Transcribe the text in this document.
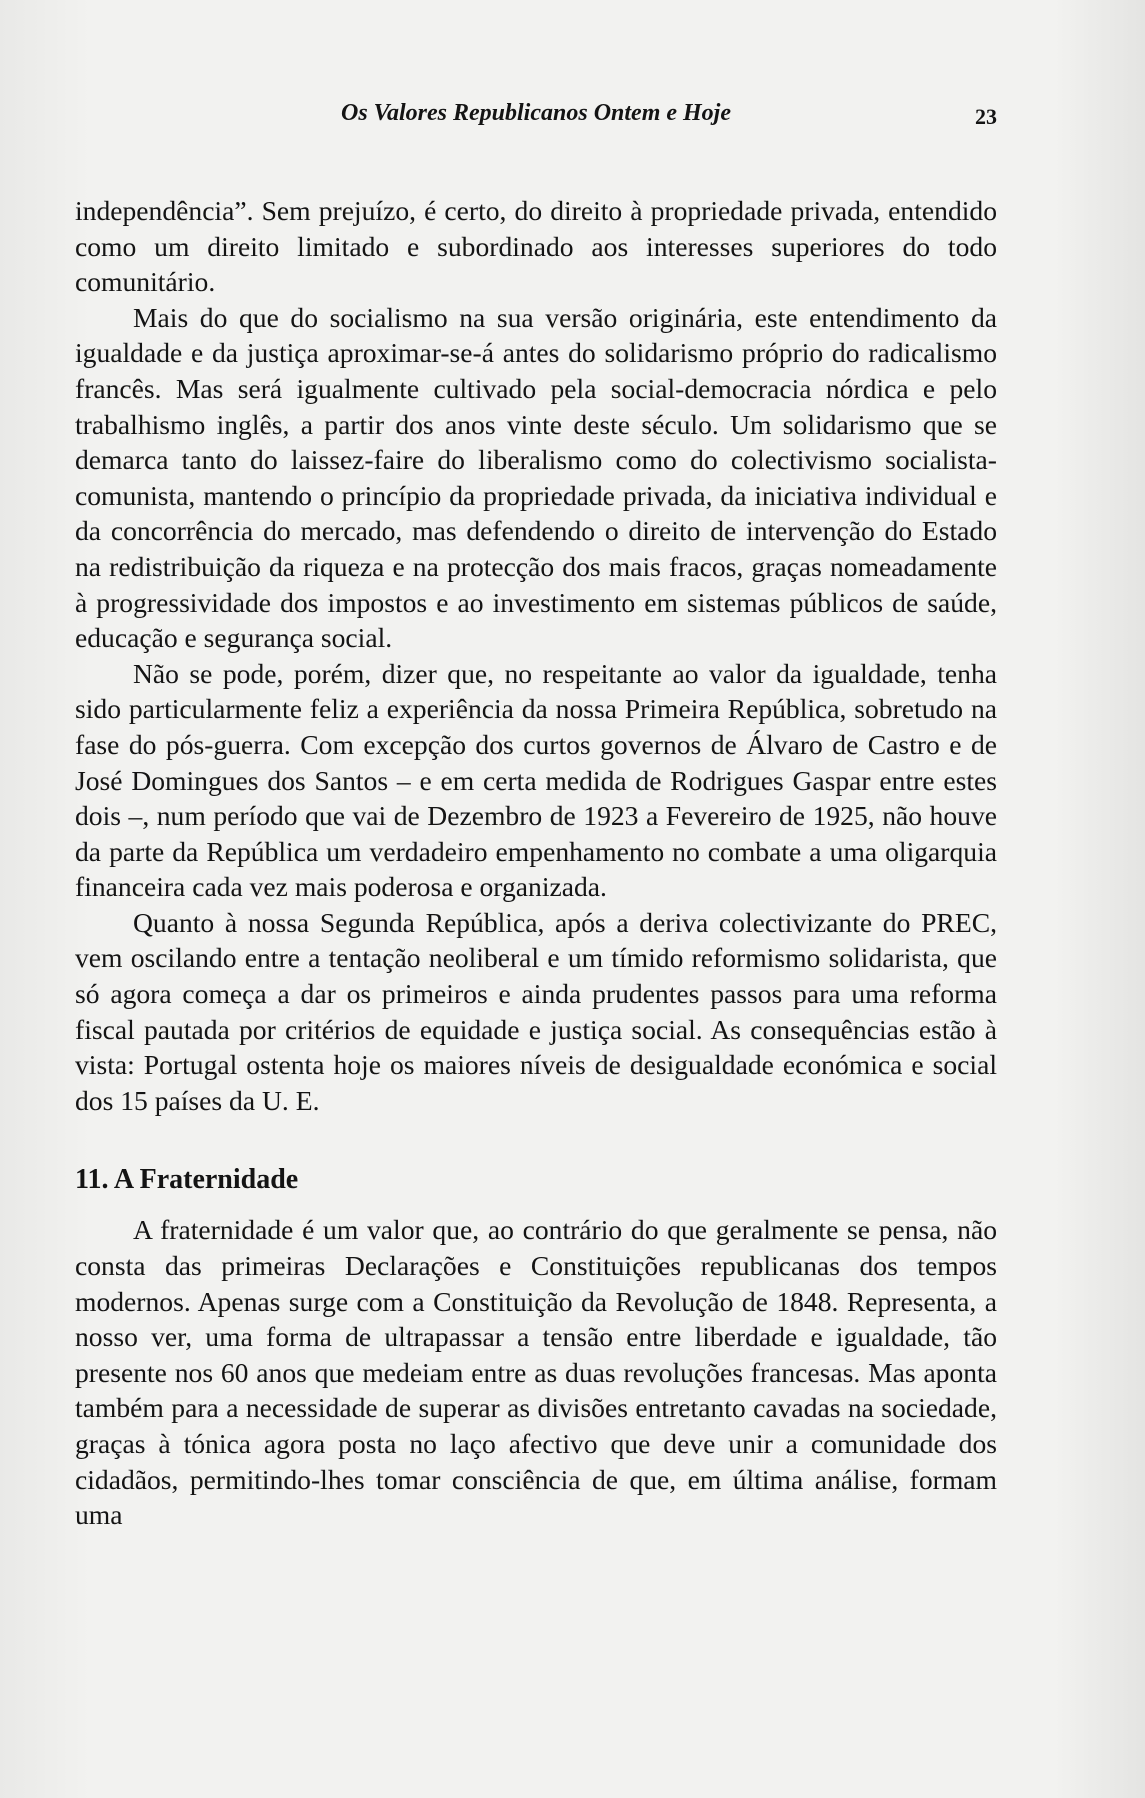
Os Valores Republicanos Ontem e Hoje	23

independência”. Sem prejuízo, é certo, do direito à propriedade privada, entendido como um direito limitado e subordinado aos interesses superiores do todo comunitário.

Mais do que do socialismo na sua versão originária, este entendimento da igualdade e da justiça aproximar-se-á antes do solidarismo próprio do radicalismo francês. Mas será igualmente cultivado pela social-democracia nórdica e pelo trabalhismo inglês, a partir dos anos vinte deste século. Um solidarismo que se demarca tanto do laissez-faire do liberalismo como do colectivismo socialista-comunista, mantendo o princípio da propriedade privada, da iniciativa individual e da concorrência do mercado, mas defendendo o direito de intervenção do Estado na redistribuição da riqueza e na protecção dos mais fracos, graças nomeadamente à progressividade dos impostos e ao investimento em sistemas públicos de saúde, educação e segurança social.

Não se pode, porém, dizer que, no respeitante ao valor da igualdade, tenha sido particularmente feliz a experiência da nossa Primeira República, sobretudo na fase do pós-guerra. Com excepção dos curtos governos de Álvaro de Castro e de José Domingues dos Santos – e em certa medida de Rodrigues Gaspar entre estes dois –, num período que vai de Dezembro de 1923 a Fevereiro de 1925, não houve da parte da República um verdadeiro empenhamento no combate a uma oligarquia financeira cada vez mais poderosa e organizada.

Quanto à nossa Segunda República, após a deriva colectivizante do PREC, vem oscilando entre a tentação neoliberal e um tímido reformismo solidarista, que só agora começa a dar os primeiros e ainda prudentes passos para uma reforma fiscal pautada por critérios de equidade e justiça social. As consequências estão à vista: Portugal ostenta hoje os maiores níveis de desigualdade económica e social dos 15 países da U. E.

11. A Fraternidade

A fraternidade é um valor que, ao contrário do que geralmente se pensa, não consta das primeiras Declarações e Constituições republicanas dos tempos modernos. Apenas surge com a Constituição da Revolução de 1848. Representa, a nosso ver, uma forma de ultrapassar a tensão entre liberdade e igualdade, tão presente nos 60 anos que medeiam entre as duas revoluções francesas. Mas aponta também para a necessidade de superar as divisões entretanto cavadas na sociedade, graças à tónica agora posta no laço afectivo que deve unir a comunidade dos cidadãos, permitindo-lhes tomar consciência de que, em última análise, formam uma
